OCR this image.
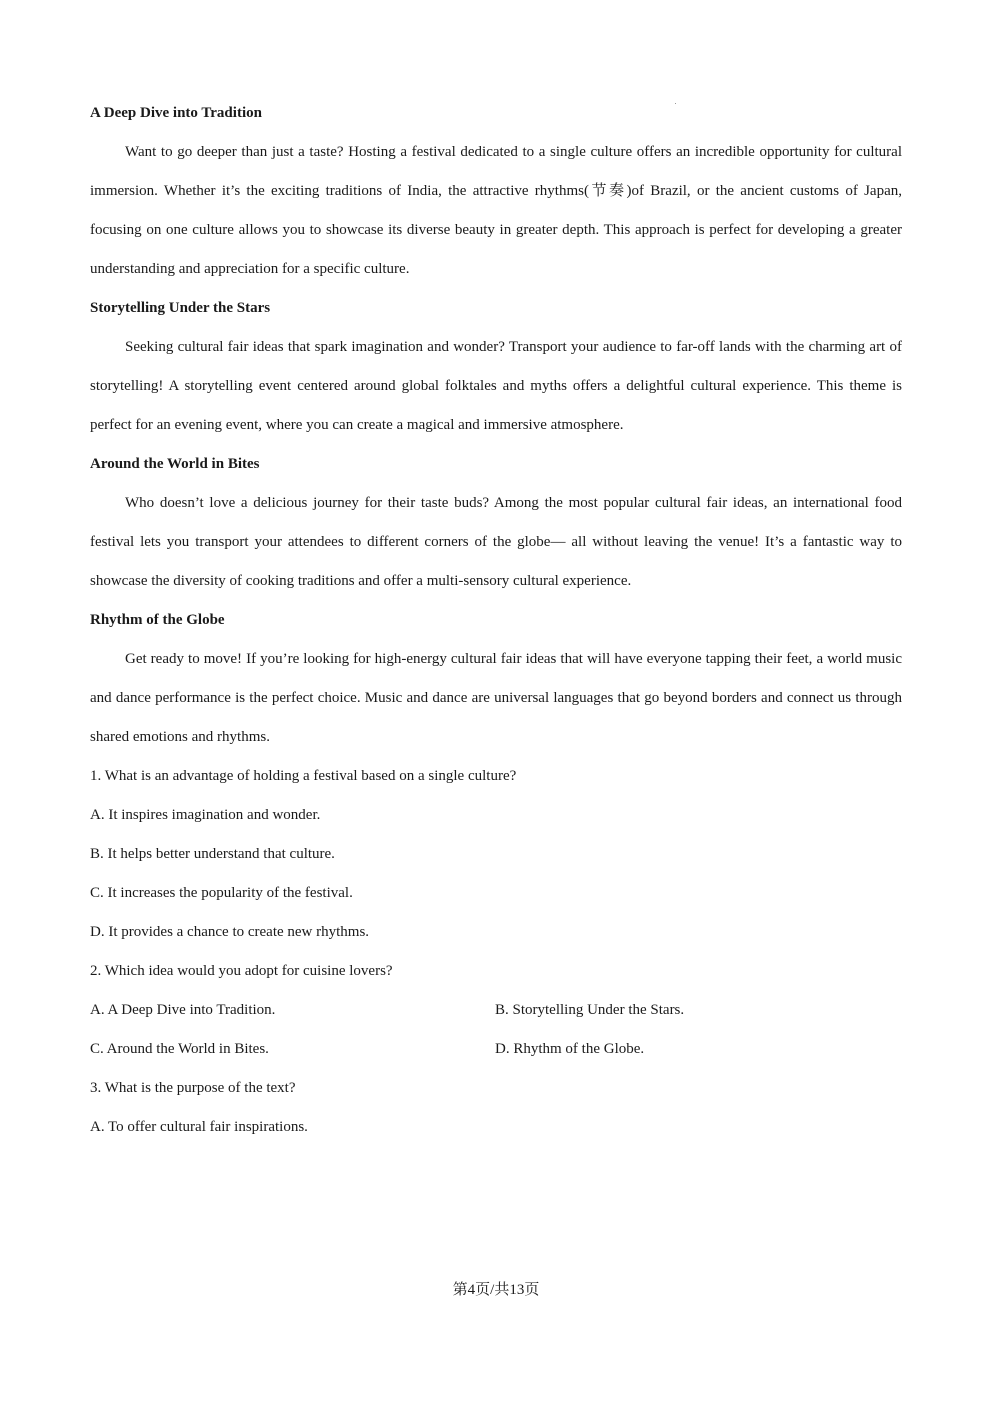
A Deep Dive into Tradition

Want to go deeper than just a taste? Hosting a festival dedicated to a single culture offers an incredible opportunity for cultural immersion. Whether it’s the exciting traditions of India, the attractive rhythms(节奏)of Brazil, or the ancient customs of Japan, focusing on one culture allows you to showcase its diverse beauty in greater depth. This approach is perfect for developing a greater understanding and appreciation for a specific culture.

Storytelling Under the Stars

Seeking cultural fair ideas that spark imagination and wonder? Transport your audience to far-off lands with the charming art of storytelling! A storytelling event centered around global folktales and myths offers a delightful cultural experience. This theme is perfect for an evening event, where you can create a magical and immersive atmosphere.

Around the World in Bites

Who doesn’t love a delicious journey for their taste buds? Among the most popular cultural fair ideas, an international food festival lets you transport your attendees to different corners of the globe— all without leaving the venue! It’s a fantastic way to showcase the diversity of cooking traditions and offer a multi-sensory cultural experience.

Rhythm of the Globe

Get ready to move! If you’re looking for high-energy cultural fair ideas that will have everyone tapping their feet, a world music and dance performance is the perfect choice. Music and dance are universal languages that go beyond borders and connect us through shared emotions and rhythms.

1. What is an advantage of holding a festival based on a single culture?

A. It inspires imagination and wonder.

B. It helps better understand that culture.

C. It increases the popularity of the festival.

D. It provides a chance to create new rhythms.

2. Which idea would you adopt for cuisine lovers?

A. A Deep Dive into Tradition.	B. Storytelling Under the Stars.
C. Around the World in Bites.	D. Rhythm of the Globe.

3. What is the purpose of the text?

A. To offer cultural fair inspirations.

第4页/共13页
